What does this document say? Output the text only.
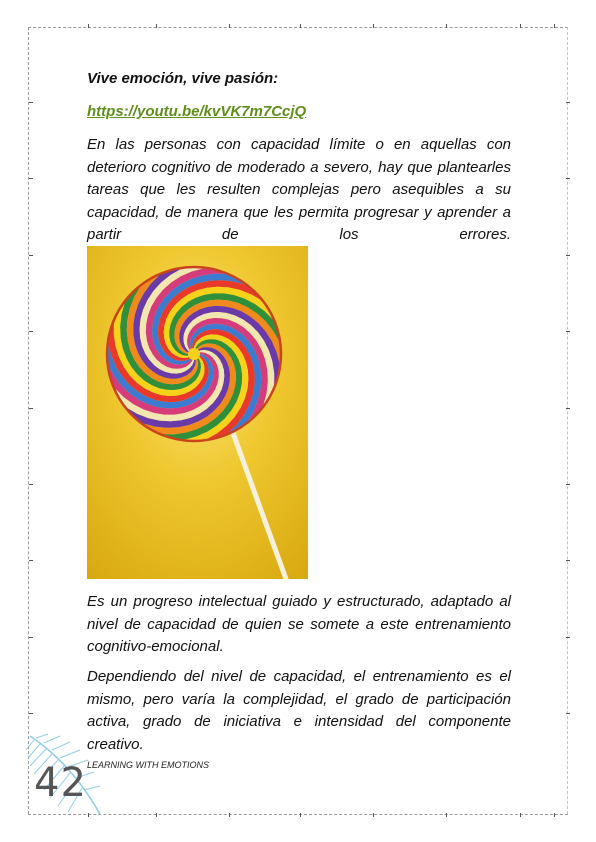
Vive emoción, vive pasión:

https://youtu.be/kvVK7m7CcjQ

En las personas con capacidad límite o en aquellas con deterioro cognitivo de moderado a severo, hay que plantearles tareas que les resulten complejas pero asequibles a su capacidad, de manera que les permita progresar y aprender a partir de los errores.

Es un progreso intelectual guiado y estructurado, adaptado al nivel de capacidad de quien se somete a este entrenamiento cognitivo-emocional.

Dependiendo del nivel de capacidad, el entrenamiento es el mismo, pero varía la complejidad, el grado de participación activa, grado de iniciativa e intensidad del componente creativo.

42 LEARNING WITH EMOTIONS
